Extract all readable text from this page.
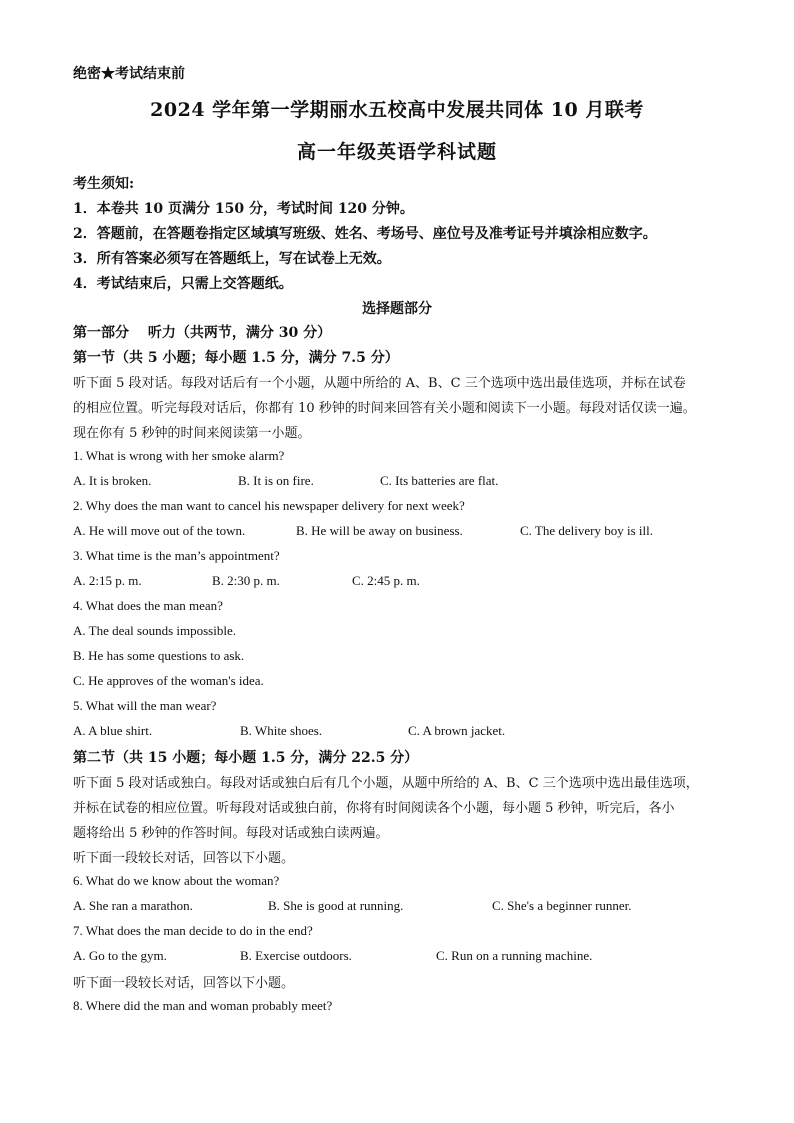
绝密★考试结束前
2024 学年第一学期丽水五校高中发展共同体 10 月联考
高一年级英语学科试题
考生须知:
1．本卷共 10 页满分 150 分，考试时间 120 分钟。
2．答题前，在答题卷指定区域填写班级、姓名、考场号、座位号及准考证号并填涂相应数字。
3．所有答案必须写在答题纸上，写在试卷上无效。
4．考试结束后，只需上交答题纸。
选择题部分
第一部分　 听力（共两节，满分 30 分）
第一节（共 5 小题；每小题 1.5 分，满分 7.5 分）
听下面 5 段对话。每段对话后有一个小题，从题中所给的 A、B、C 三个选项中选出最佳选项，并标在试卷
的相应位置。听完每段对话后，你都有 10 秒钟的时间来回答有关小题和阅读下一小题。每段对话仅读一遍。
现在你有 5 秒钟的时间来阅读第一小题。
1. What is wrong with her smoke alarm?
A. It is broken.	B. It is on fire.	C. Its batteries are flat.
2. Why does the man want to cancel his newspaper delivery for next week?
A. He will move out of the town.	B. He will be away on business.	C. The delivery boy is ill.
3. What time is the man’s appointment?
A. 2:15 p. m.	B. 2:30 p. m.	C. 2:45 p. m.
4. What does the man mean?
A. The deal sounds impossible.
B. He has some questions to ask.
C. He approves of the woman's idea.
5. What will the man wear?
A. A blue shirt.	B. White shoes.	C. A brown jacket.
第二节（共 15 小题；每小题 1.5 分，满分 22.5 分）
听下面 5 段对话或独白。每段对话或独白后有几个小题，从题中所给的 A、B、C 三个选项中选出最佳选项，
并标在试卷的相应位置。听每段对话或独白前，你将有时间阅读各个小题，每小题 5 秒钟，听完后，各小
题将给出 5 秒钟的作答时间。每段对话或独白读两遍。
听下面一段较长对话，回答以下小题。
6. What do we know about the woman?
A. She ran a marathon.	B. She is good at running.	C. She's a beginner runner.
7. What does the man decide to do in the end?
A. Go to the gym.	B. Exercise outdoors.	C. Run on a running machine.
听下面一段较长对话，回答以下小题。
8. Where did the man and woman probably meet?
